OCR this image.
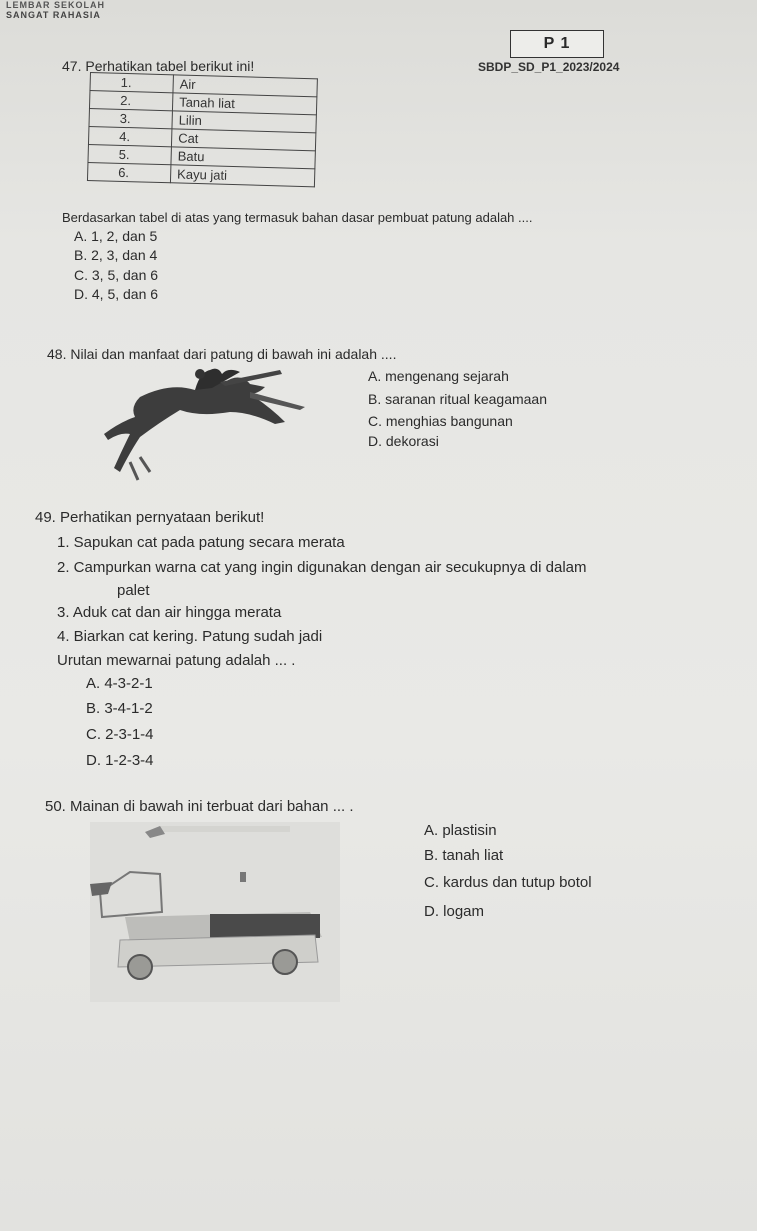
LEMBAR SEKOLAH
SANGAT RAHASIA
P 1
SBDP_SD_P1_2023/2024
47. Perhatikan tabel berikut ini!
1.	Air
2.	Tanah liat
3.	Lilin
4.	Cat
5.	Batu
6.	Kayu jati
Berdasarkan tabel di atas yang termasuk bahan dasar pembuat patung adalah ....
A. 1, 2, dan 5
B. 2, 3, dan 4
C. 3, 5, dan 6
D. 4, 5, dan 6
48. Nilai dan manfaat dari patung di bawah ini adalah ....
A. mengenang sejarah
B. saranan ritual keagamaan
C. menghias bangunan
D. dekorasi
49. Perhatikan pernyataan berikut!
1. Sapukan cat pada patung secara merata
2. Campurkan warna cat yang ingin digunakan dengan air secukupnya di dalam
palet
3. Aduk cat dan air hingga merata
4. Biarkan cat kering. Patung sudah jadi
Urutan mewarnai patung adalah ... .
A. 4-3-2-1
B. 3-4-1-2
C. 2-3-1-4
D. 1-2-3-4
50. Mainan di bawah ini terbuat dari bahan ... .
A. plastisin
B. tanah liat
C. kardus dan tutup botol
D. logam
